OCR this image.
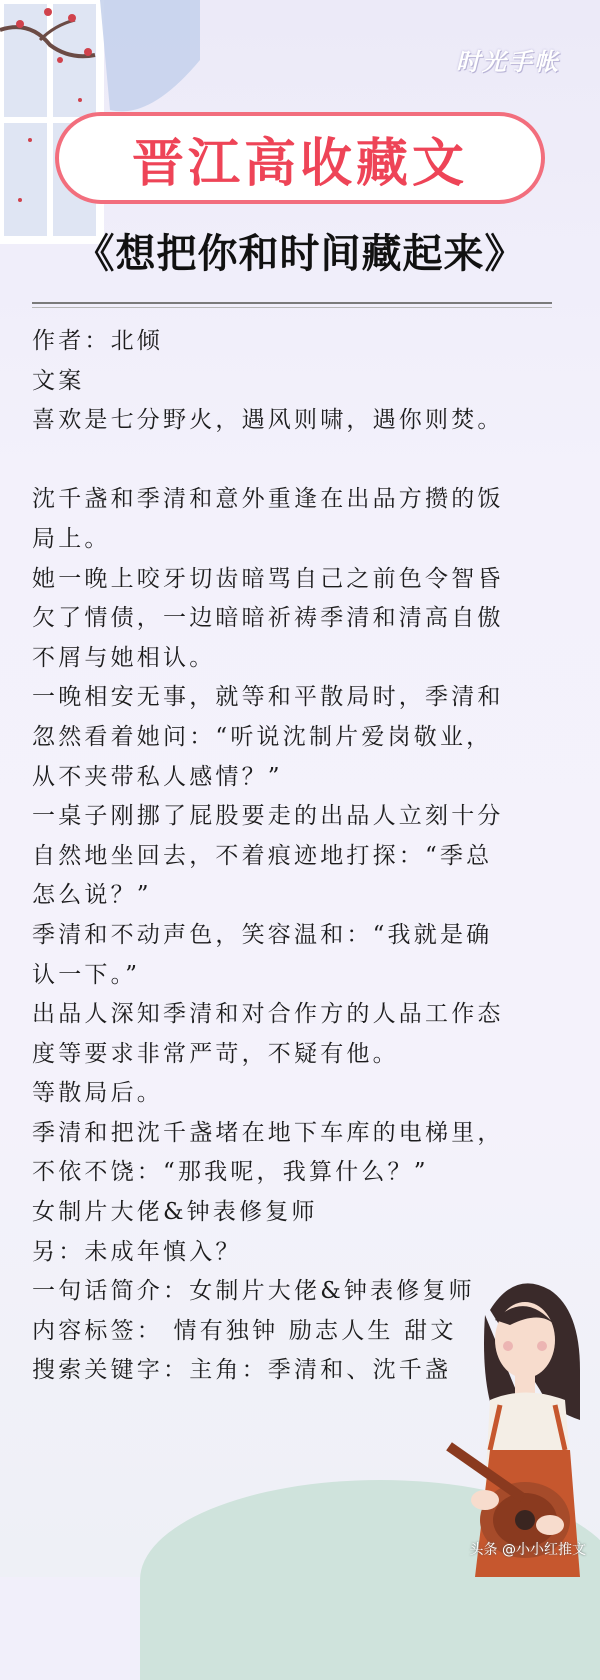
时光手帐
晋江高收藏文
《想把你和时间藏起来》
作者：北倾
文案
喜欢是七分野火，遇风则啸，遇你则焚。
沈千盏和季清和意外重逢在出品方攒的饭
局上。
她一晚上咬牙切齿暗骂自己之前色令智昏
欠了情债，一边暗暗祈祷季清和清高自傲
不屑与她相认。
一晚相安无事，就等和平散局时，季清和
忽然看着她问：“听说沈制片爱岗敬业，
从不夹带私人感情？”
一桌子刚挪了屁股要走的出品人立刻十分
自然地坐回去，不着痕迹地打探：“季总
怎么说？”
季清和不动声色，笑容温和：“我就是确
认一下。”
出品人深知季清和对合作方的人品工作态
度等要求非常严苛，不疑有他。
等散局后。
季清和把沈千盏堵在地下车库的电梯里，
不依不饶：“那我呢，我算什么？”
女制片大佬&钟表修复师
另：未成年慎入？
一句话简介：女制片大佬&钟表修复师
内容标签： 情有独钟 励志人生 甜文
搜索关键字：主角：季清和、沈千盏
头条 @小小红推文
